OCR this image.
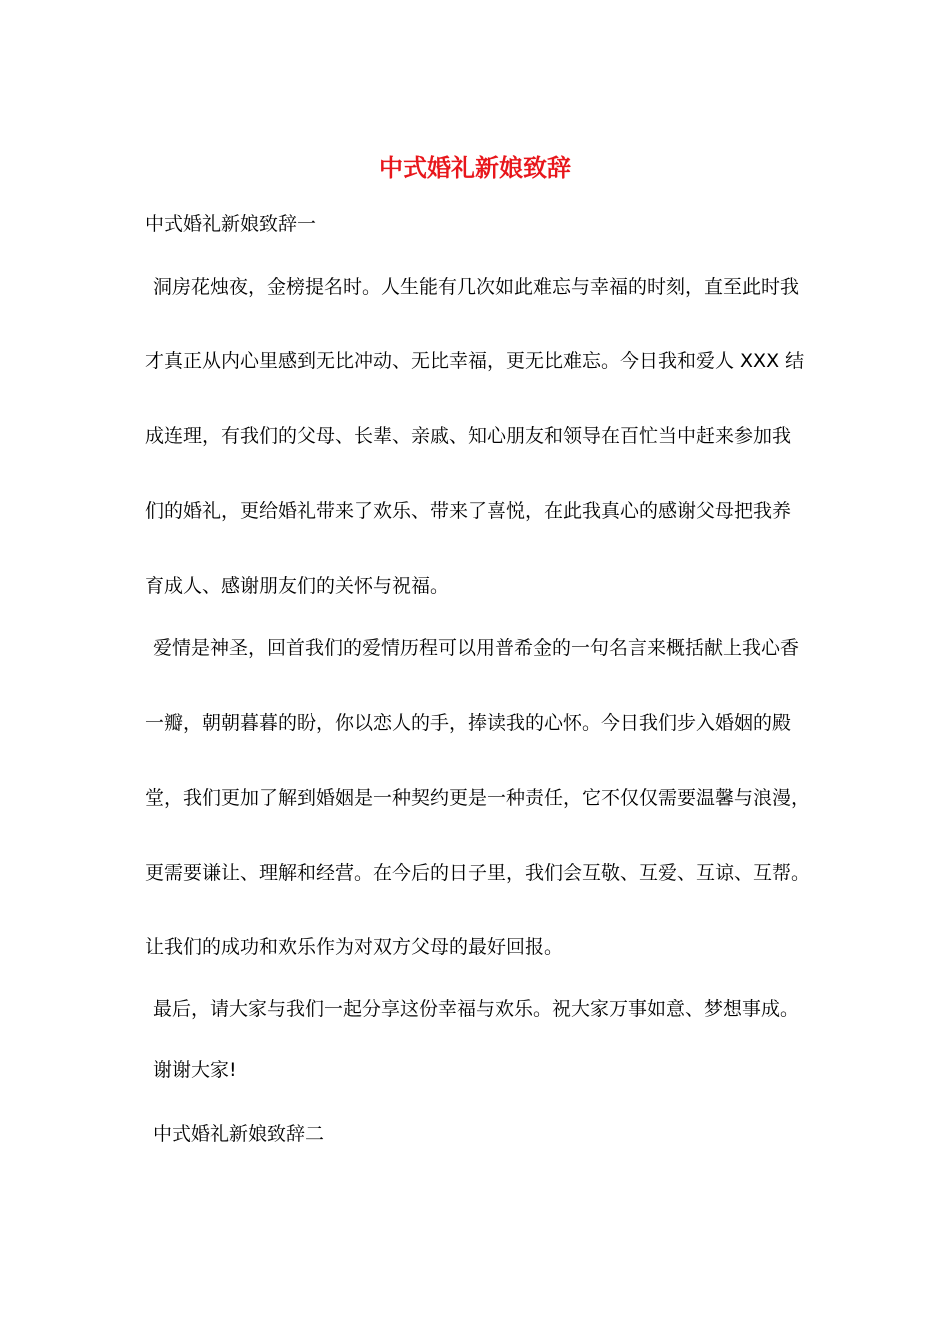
中式婚礼新娘致辞

中式婚礼新娘致辞一

洞房花烛夜，金榜提名时。人生能有几次如此难忘与幸福的时刻，直至此时我

才真正从内心里感到无比冲动、无比幸福，更无比难忘。今日我和爱人 XXX 结

成连理，有我们的父母、长辈、亲戚、知心朋友和领导在百忙当中赶来参加我

们的婚礼，更给婚礼带来了欢乐、带来了喜悦，在此我真心的感谢父母把我养

育成人、感谢朋友们的关怀与祝福。

爱情是神圣，回首我们的爱情历程可以用普希金的一句名言来概括献上我心香

一瓣，朝朝暮暮的盼，你以恋人的手，捧读我的心怀。今日我们步入婚姻的殿

堂，我们更加了解到婚姻是一种契约更是一种责任，它不仅仅需要温馨与浪漫，

更需要谦让、理解和经营。在今后的日子里，我们会互敬、互爱、互谅、互帮。

让我们的成功和欢乐作为对双方父母的最好回报。

最后，请大家与我们一起分享这份幸福与欢乐。祝大家万事如意、梦想事成。

谢谢大家!

中式婚礼新娘致辞二
